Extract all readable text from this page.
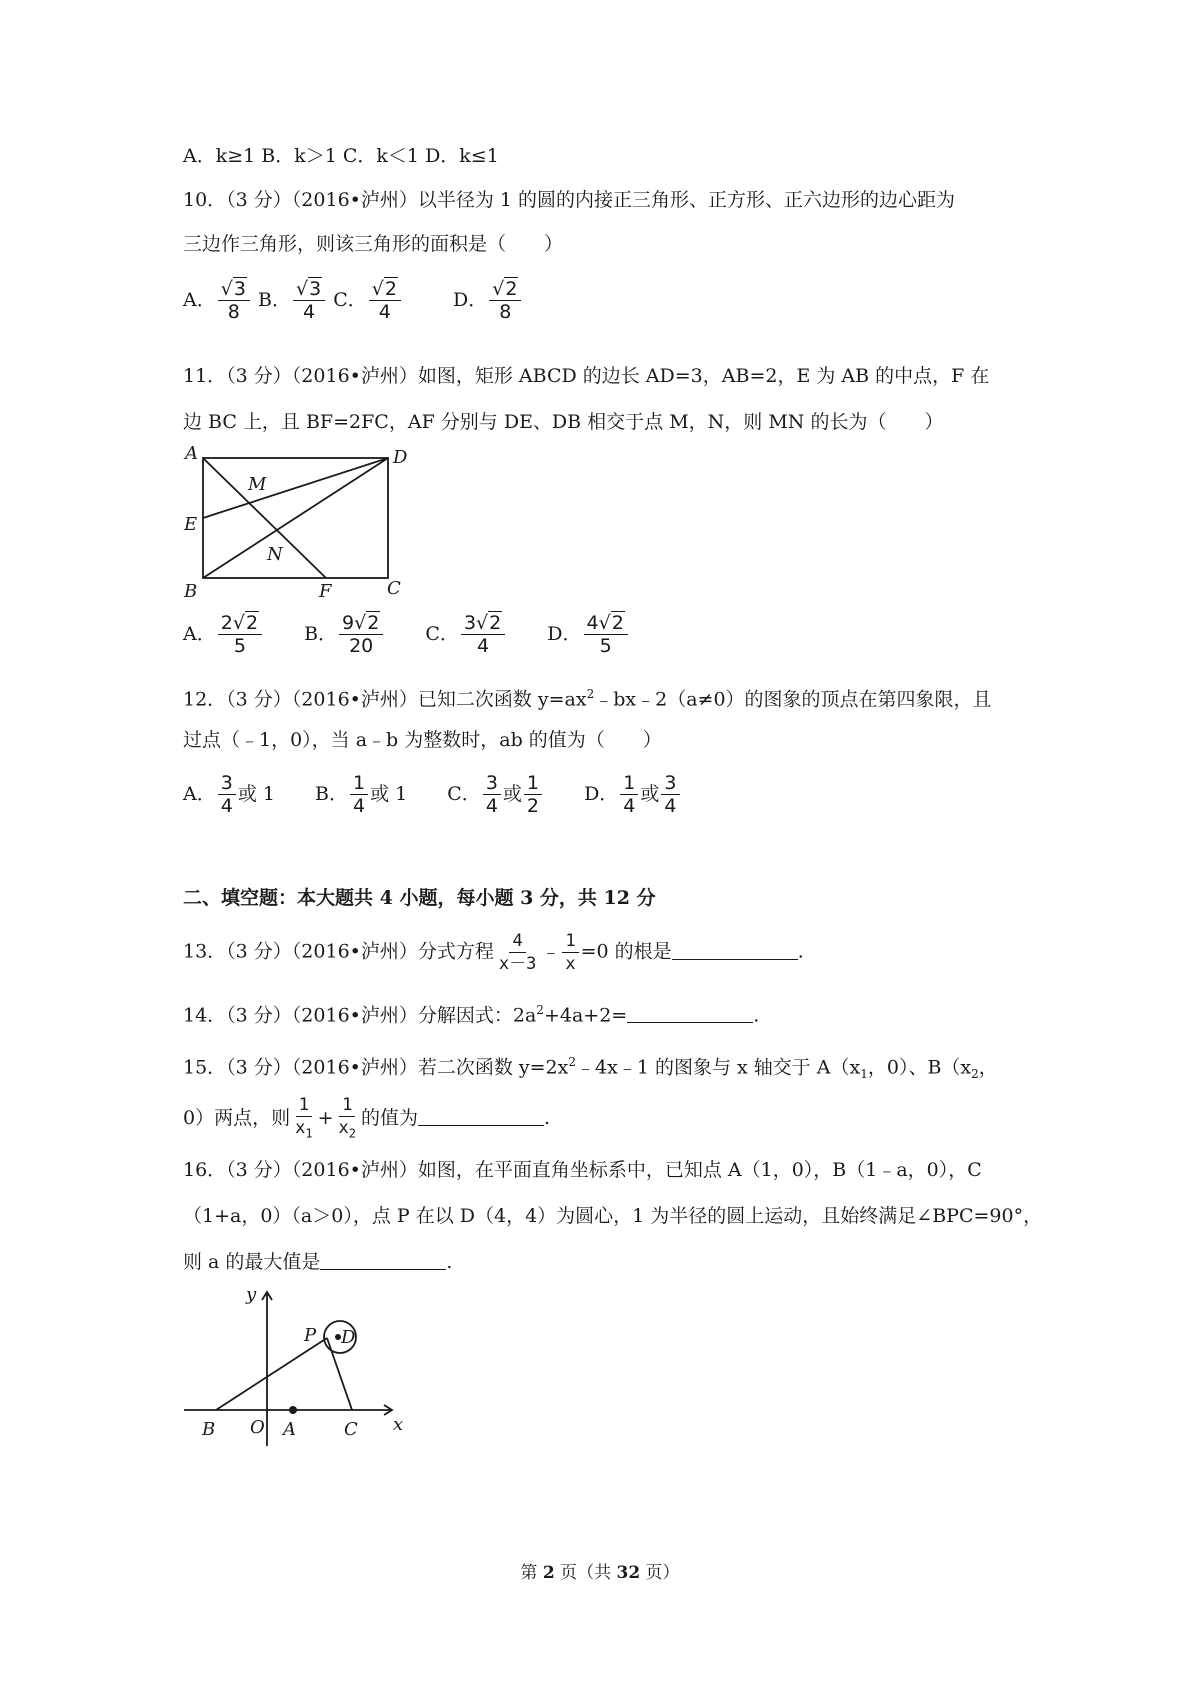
A．k≥1 B．k＞1 C．k＜1 D．k≤1
10．（3 分）（2016•泸州）以半径为 1 的圆的内接正三角形、正方形、正六边形的边心距为
三边作三角形，则该三角形的面积是（　　）
A． $\frac{√3}{8}$ B． $\frac{√3}{4}$ C． $\frac{√2}{4}$	D． $\frac{√2}{8}$
11．（3 分）（2016•泸州）如图，矩形 ABCD 的边长 AD=3，AB=2，E 为 AB 的中点，F 在
边 BC 上，且 BF=2FC，AF 分别与 DE、DB 相交于点 M，N，则 MN 的长为（　　）
A	D
M
E
N
B	F	C
A． $\frac{2√2}{5}$ B． $\frac{9√2}{20}$ C． $\frac{3√2}{4}$ D． $\frac{4√2}{5}$
12．（3 分）（2016•泸州）已知二次函数 $y=ax^2﹣bx﹣2(a\ne 0)$的图象的顶点在第四象限，且
过点（﹣1，0），当 a﹣b 为整数时，ab 的值为（　　）
A． $\frac{3}{4}$ 或 1 B． $\frac{1}{4}$ 或 1 C． $\frac{3}{4}$ 或 $\frac{1}{2}$ D． $\frac{1}{4}$ 或 $\frac{3}{4}$
二、填空题：本大题共 4 小题，每小题 3 分，共 12 分
13．（3 分）（2016•泸州）分式方程 $\frac{4}{x-3}$ ﹣ $\frac{1}{x} =0$ 的根是	.
14．（3 分）（2016•泸州）分解因式：$2a^2+4a+2=$	.
15．（3 分）（2016•泸州）若二次函数 $y=2x^2﹣4x﹣1$ 的图象与 x 轴交于 $A(x_1$，0）、$B(x_2$，
0）两点，则 $\frac{1}{x_1} + \frac{1}{x_2}$ 的值为	.
16．（3 分）（2016•泸州）如图，在平面直角坐标系中，已知点 A（1，0），B（1﹣a，0），C
（1+a，0）（a＞0），点 P 在以 D（4，4）为圆心，1 为半径的圆上运动，且始终满足∠BPC=90°，
则 a 的最大值是	.
y
x
O A
B	C
P D
第 2 页（共 32 页）
